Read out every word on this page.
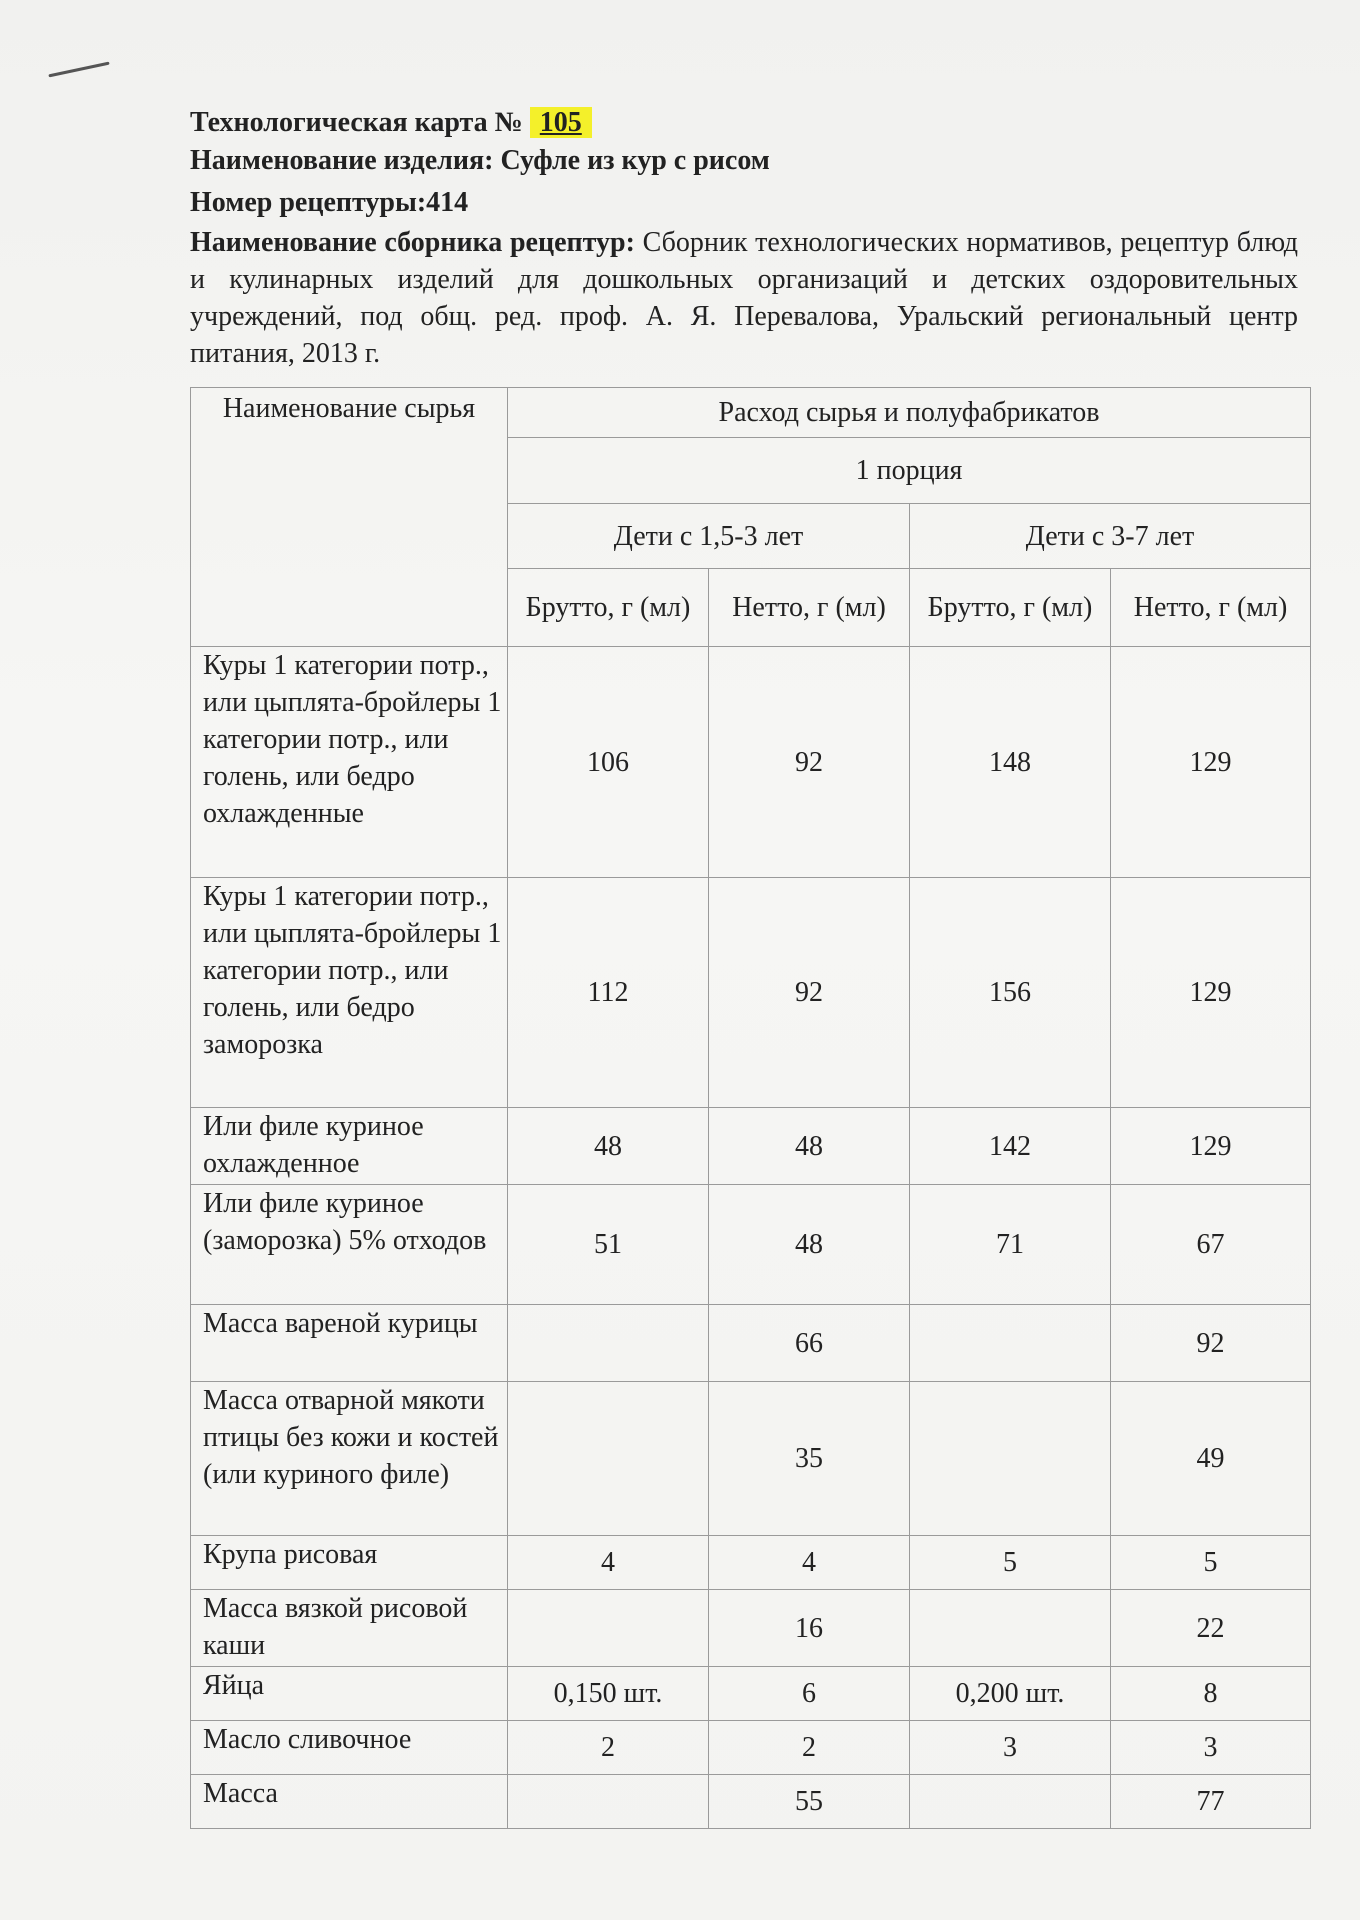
Технологическая карта № 105
Наименование изделия: Суфле из кур с рисом
Номер рецептуры:414
Наименование сборника рецептур: Сборник технологических нормативов, рецептур блюд и кулинарных изделий для дошкольных организаций и детских оздоровительных учреждений, под общ. ред. проф. А. Я. Перевалова, Уральский региональный центр питания, 2013 г.
Наименование сырья	Расход сырья и полуфабрикатов			
	1 порция			
	Дети с 1,5-3 лет		Дети с 3-7 лет	
	Брутто, г (мл)	Нетто, г (мл)	Брутто, г (мл)	Нетто, г (мл)
Куры 1 категории потр., или цыплята-бройлеры 1 категории потр., или голень, или бедро охлажденные	106	92	148	129
Куры 1 категории потр., или цыплята-бройлеры 1 категории потр., или голень, или бедро заморозка	112	92	156	129
Или филе куриное охлажденное	48	48	142	129
Или филе куриное (заморозка) 5% отходов	51	48	71	67
Масса вареной курицы		66		92
Масса отварной мякоти птицы без кожи и костей (или куриного филе)		35		49
Крупа рисовая	4	4	5	5
Масса вязкой рисовой каши		16		22
Яйца	0,150 шт.	6	0,200 шт.	8
Масло сливочное	2	2	3	3
Масса		55		77
